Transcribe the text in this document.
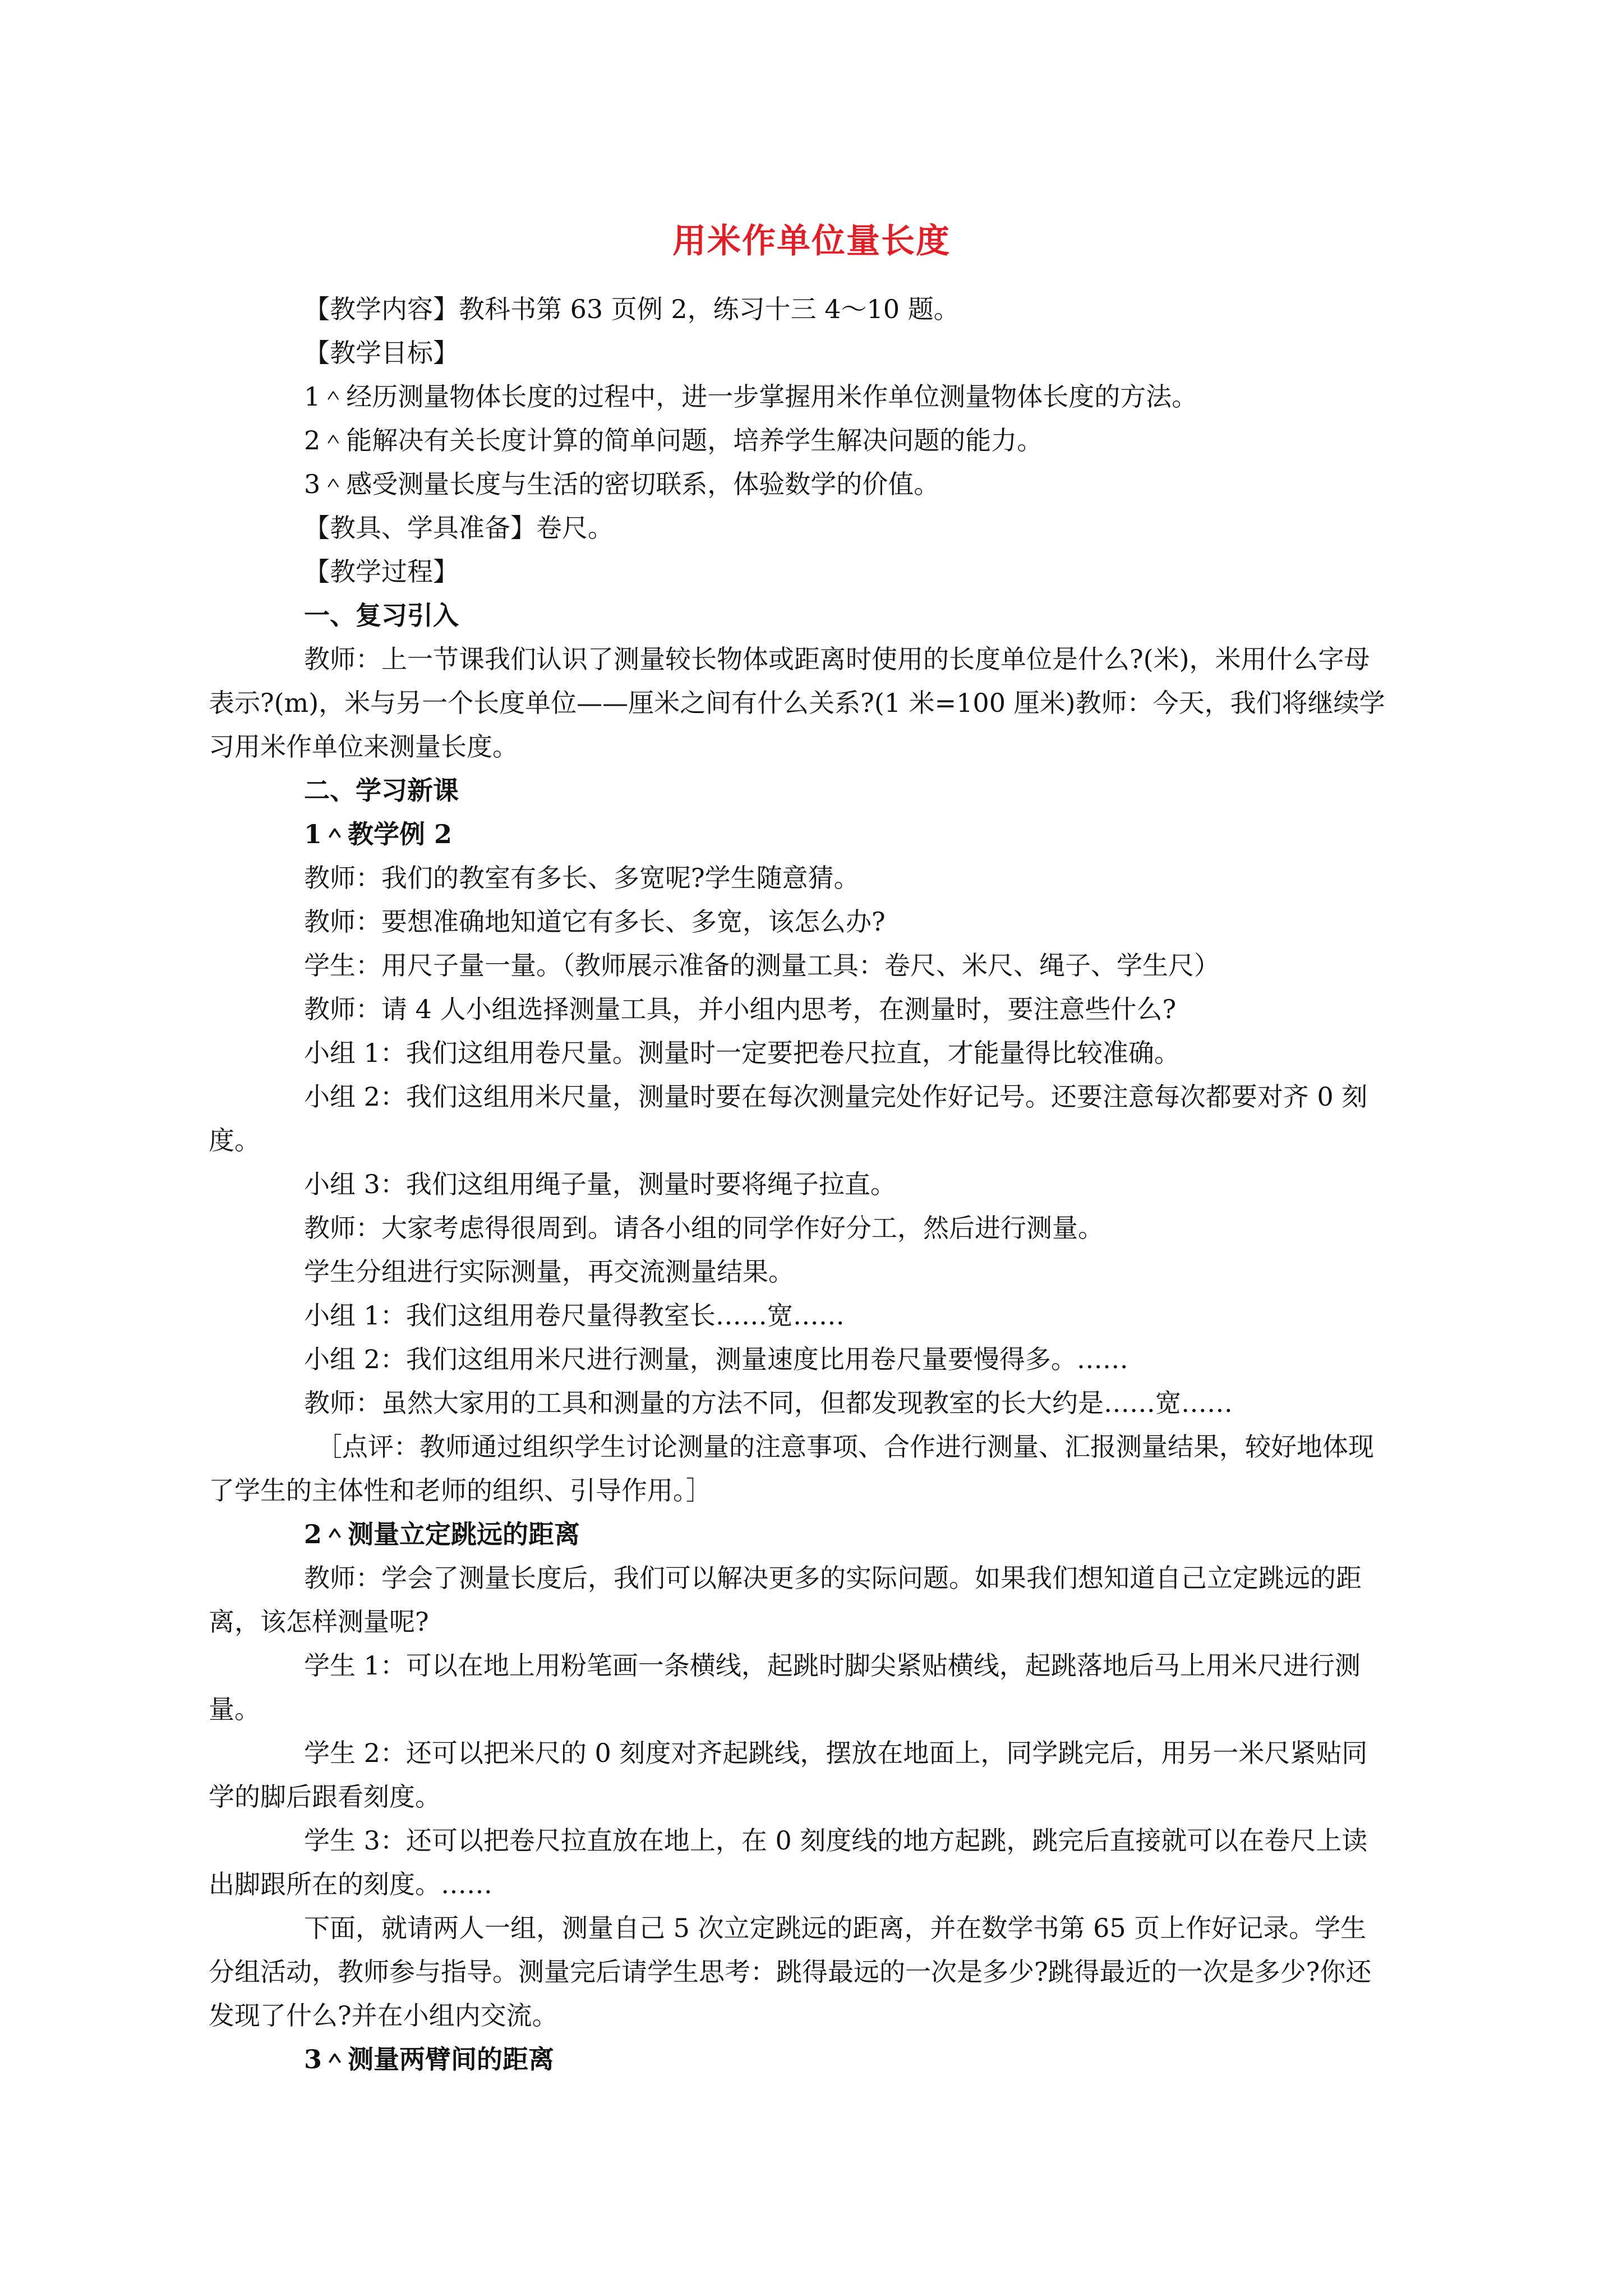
用米作单位量长度

【教学内容】教科书第 63 页例 2，练习十三 4～10 题。

【教学目标】

1＾经历测量物体长度的过程中，进一步掌握用米作单位测量物体长度的方法。

2＾能解决有关长度计算的简单问题，培养学生解决问题的能力。

3＾感受测量长度与生活的密切联系，体验数学的价值。

【教具、学具准备】卷尺。

【教学过程】

一、复习引入

教师：上一节课我们认识了测量较长物体或距离时使用的长度单位是什么?(米)，米用什么字母表示?(m)，米与另一个长度单位——厘米之间有什么关系?(1 米=100 厘米)教师：今天，我们将继续学习用米作单位来测量长度。

二、学习新课

1＾教学例 2

教师：我们的教室有多长、多宽呢?学生随意猜。

教师：要想准确地知道它有多长、多宽，该怎么办?

学生：用尺子量一量。（教师展示准备的测量工具：卷尺、米尺、绳子、学生尺）

教师：请 4 人小组选择测量工具，并小组内思考，在测量时，要注意些什么?

小组 1：我们这组用卷尺量。测量时一定要把卷尺拉直，才能量得比较准确。

小组 2：我们这组用米尺量，测量时要在每次测量完处作好记号。还要注意每次都要对齐 0 刻度。

小组 3：我们这组用绳子量，测量时要将绳子拉直。

教师：大家考虑得很周到。请各小组的同学作好分工，然后进行测量。

学生分组进行实际测量，再交流测量结果。

小组 1：我们这组用卷尺量得教室长……宽……

小组 2：我们这组用米尺进行测量，测量速度比用卷尺量要慢得多。……

教师：虽然大家用的工具和测量的方法不同，但都发现教室的长大约是……宽……

［点评：教师通过组织学生讨论测量的注意事项、合作进行测量、汇报测量结果，较好地体现了学生的主体性和老师的组织、引导作用。］

2＾测量立定跳远的距离

教师：学会了测量长度后，我们可以解决更多的实际问题。如果我们想知道自己立定跳远的距离，该怎样测量呢?

学生 1：可以在地上用粉笔画一条横线，起跳时脚尖紧贴横线，起跳落地后马上用米尺进行测量。

学生 2：还可以把米尺的 0 刻度对齐起跳线，摆放在地面上，同学跳完后，用另一米尺紧贴同学的脚后跟看刻度。

学生 3：还可以把卷尺拉直放在地上，在 0 刻度线的地方起跳，跳完后直接就可以在卷尺上读出脚跟所在的刻度。……

下面，就请两人一组，测量自己 5 次立定跳远的距离，并在数学书第 65 页上作好记录。学生分组活动，教师参与指导。测量完后请学生思考：跳得最远的一次是多少?跳得最近的一次是多少?你还发现了什么?并在小组内交流。

3＾测量两臂间的距离
